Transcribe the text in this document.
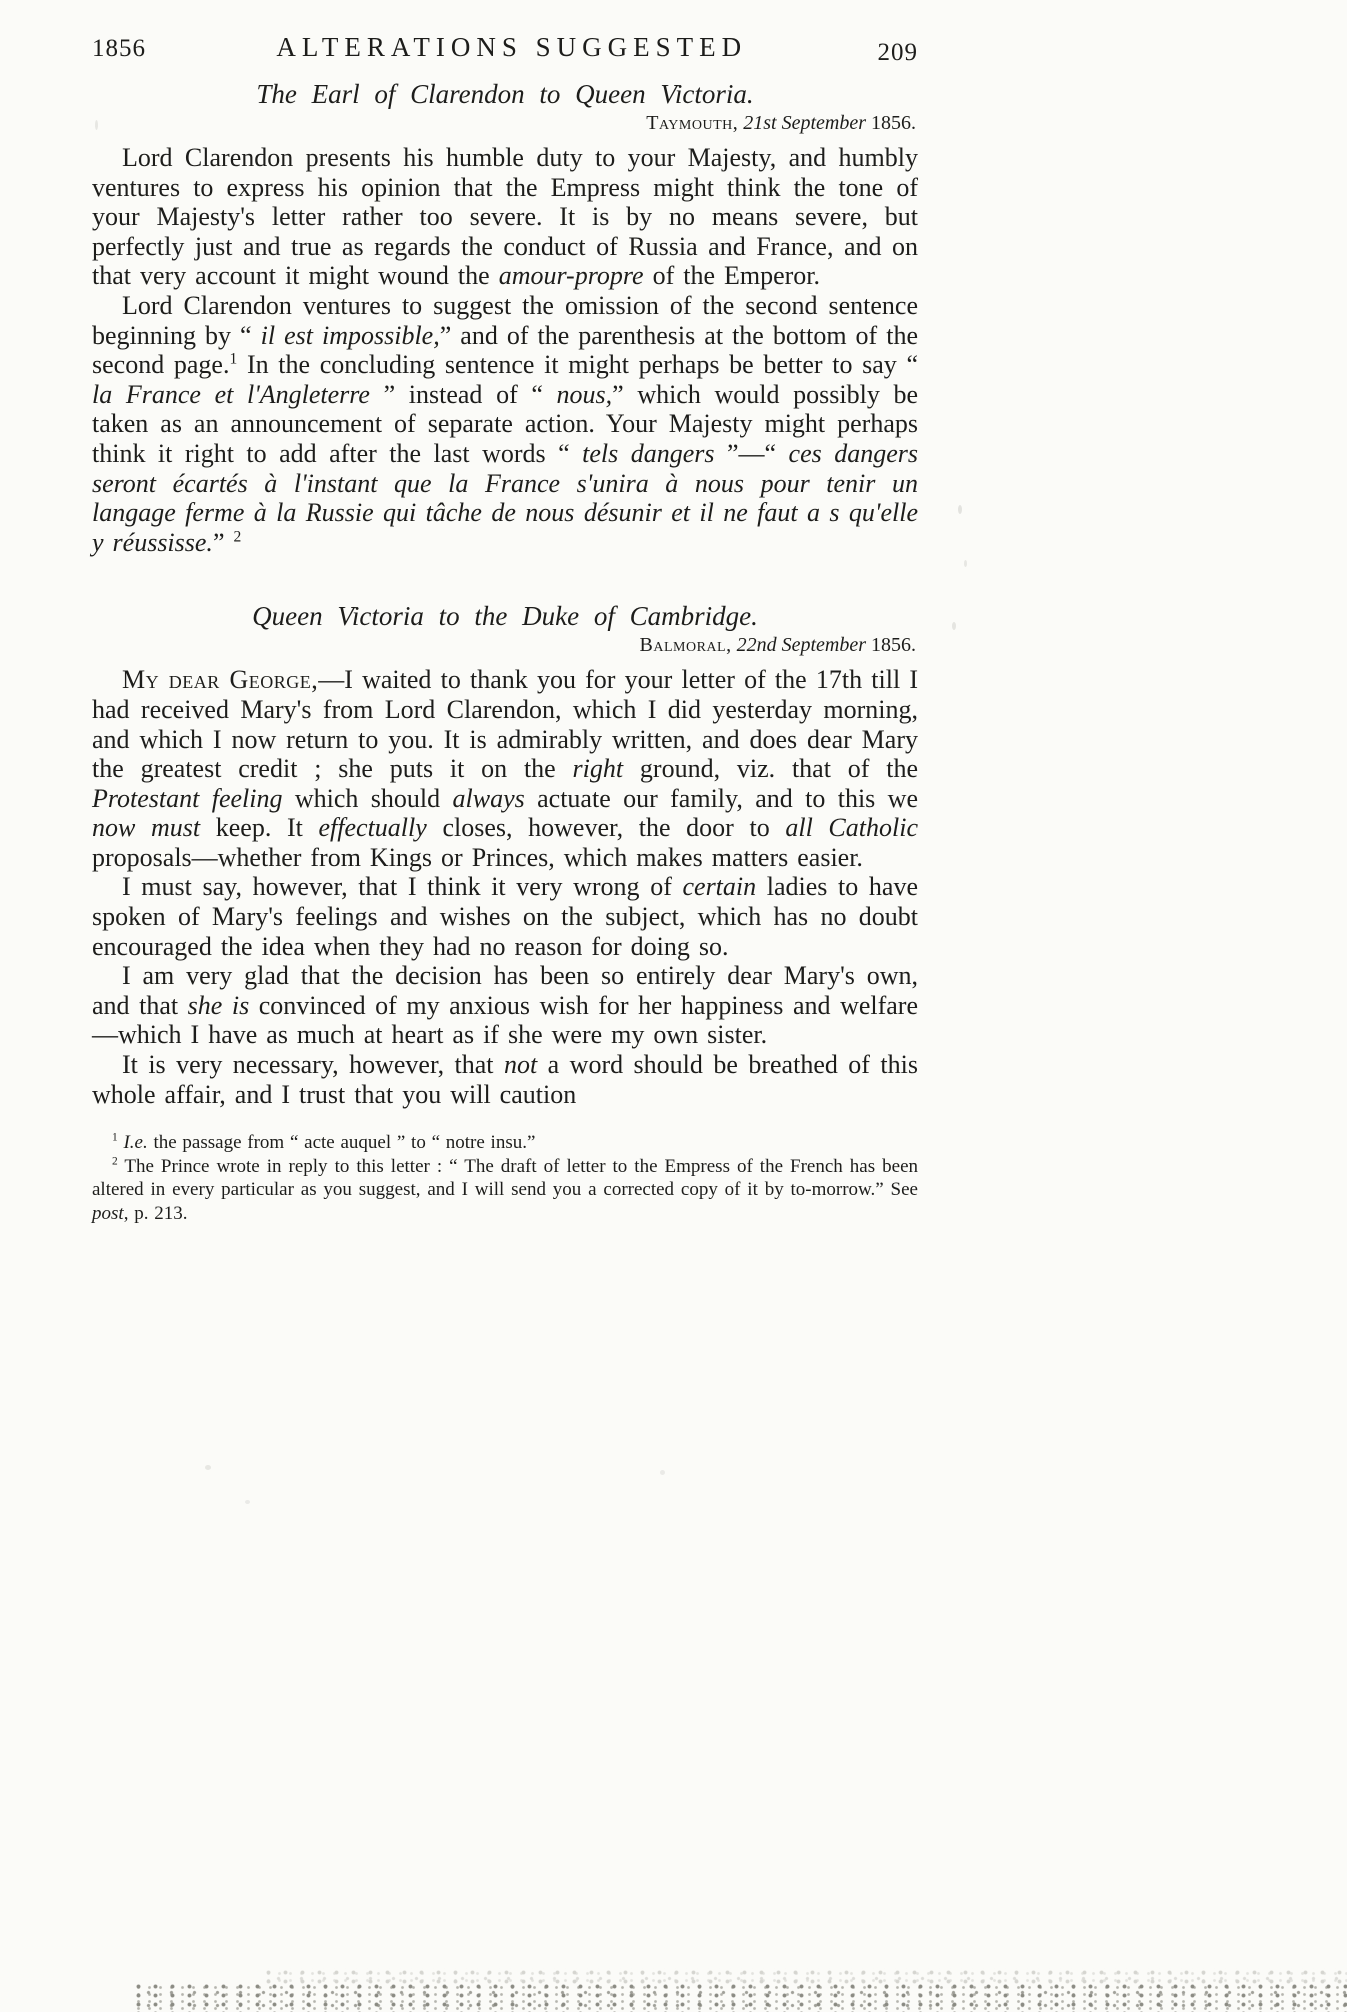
1856	ALTERATIONS SUGGESTED	209
The Earl of Clarendon to Queen Victoria.
Taymouth, 21st September 1856.

Lord Clarendon presents his humble duty to your Majesty, and humbly ventures to express his opinion that the Empress might think the tone of your Majesty's letter rather too severe. It is by no means severe, but perfectly just and true as regards the conduct of Russia and France, and on that very account it might wound the amour-propre of the Emperor.

Lord Clarendon ventures to suggest the omission of the second sentence beginning by “ il est impossible,” and of the parenthesis at the bottom of the second page.$^1$ In the concluding sentence it might perhaps be better to say “ la France et l'Angleterre ” instead of “ nous,” which would possibly be taken as an announcement of separate action. Your Majesty might perhaps think it right to add after the last words “ tels dangers ”—“ ces dangers seront écartés à l'instant que la France s'unira à nous pour tenir un langage ferme à la Russie qui tâche de nous désunir et il ne faut a s qu'elle y réussisse.” $^2$

Queen Victoria to the Duke of Cambridge.
Balmoral, 22nd September 1856.

My dear George,—I waited to thank you for your letter of the 17th till I had received Mary's from Lord Clarendon, which I did yesterday morning, and which I now return to you. It is admirably written, and does dear Mary the greatest credit ; she puts it on the right ground, viz. that of the Protestant feeling which should always actuate our family, and to this we now must keep. It effectually closes, however, the door to all Catholic proposals—whether from Kings or Princes, which makes matters easier.

I must say, however, that I think it very wrong of certain ladies to have spoken of Mary's feelings and wishes on the subject, which has no doubt encouraged the idea when they had no reason for doing so.

I am very glad that the decision has been so entirely dear Mary's own, and that she is convinced of my anxious wish for her happiness and welfare—which I have as much at heart as if she were my own sister.

It is very necessary, however, that not a word should be breathed of this whole affair, and I trust that you will caution

$^1$ I.e. the passage from “ acte auquel ” to “ notre insu.”

$^2$ The Prince wrote in reply to this letter : “ The draft of letter to the Empress of the French has been altered in every particular as you suggest, and I will send you a corrected copy of it by to-morrow.” See post, p. 213.
